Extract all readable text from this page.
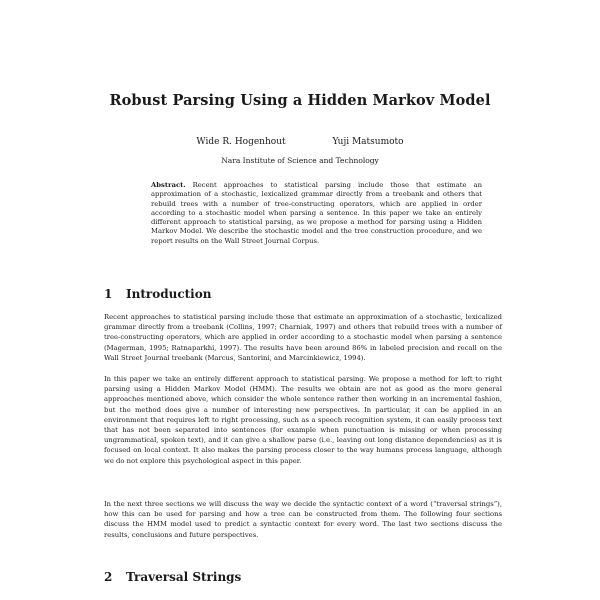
Robust Parsing Using a Hidden Markov Model
Wide R. Hogenhout	Yuji Matsumoto
Nara Institute of Science and Technology
Abstract. Recent approaches to statistical parsing include those that estimate an approximation of a stochastic, lexicalized grammar directly from a treebank and others that rebuild trees with a number of tree-constructing operators, which are applied in order according to a stochastic model when parsing a sentence. In this paper we take an entirely different approach to statistical parsing, as we propose a method for parsing using a Hidden Markov Model. We describe the stochastic model and the tree construction procedure, and we report results on the Wall Street Journal Corpus.
1 Introduction

Recent approaches to statistical parsing include those that estimate an approximation of a stochastic, lexicalized grammar directly from a treebank (Collins, 1997; Charniak, 1997) and others that rebuild trees with a number of tree-constructing operators, which are applied in order according to a stochastic model when parsing a sentence (Magerman, 1995; Ratnaparkhi, 1997). The results have been around 86% in labeled precision and recall on the Wall Street Journal treebank (Marcus, Santorini, and Marcinkiewicz, 1994).

In this paper we take an entirely different approach to statistical parsing. We propose a method for left to right parsing using a Hidden Markov Model (HMM). The results we obtain are not as good as the more general approaches mentioned above, which consider the whole sentence rather then working in an incremental fashion, but the method does give a number of interesting new perspectives. In particular, it can be applied in an environment that requires left to right processing, such as a speech recognition system, it can easily process text that has not been separated into sentences (for example when punctuation is missing or when processing ungrammatical, spoken text), and it can give a shallow parse (i.e., leaving out long distance dependencies) as it is focused on local context. It also makes the parsing process closer to the way humans process language, although we do not explore this psychological aspect in this paper.

In the next three sections we will discuss the way we decide the syntactic context of a word (“traversal strings”), how this can be used for parsing and how a tree can be constructed from them. The following four sections discuss the HMM model used to predict a syntactic context for every word. The last two sections discuss the results, conclusions and future perspectives.

2 Traversal Strings
